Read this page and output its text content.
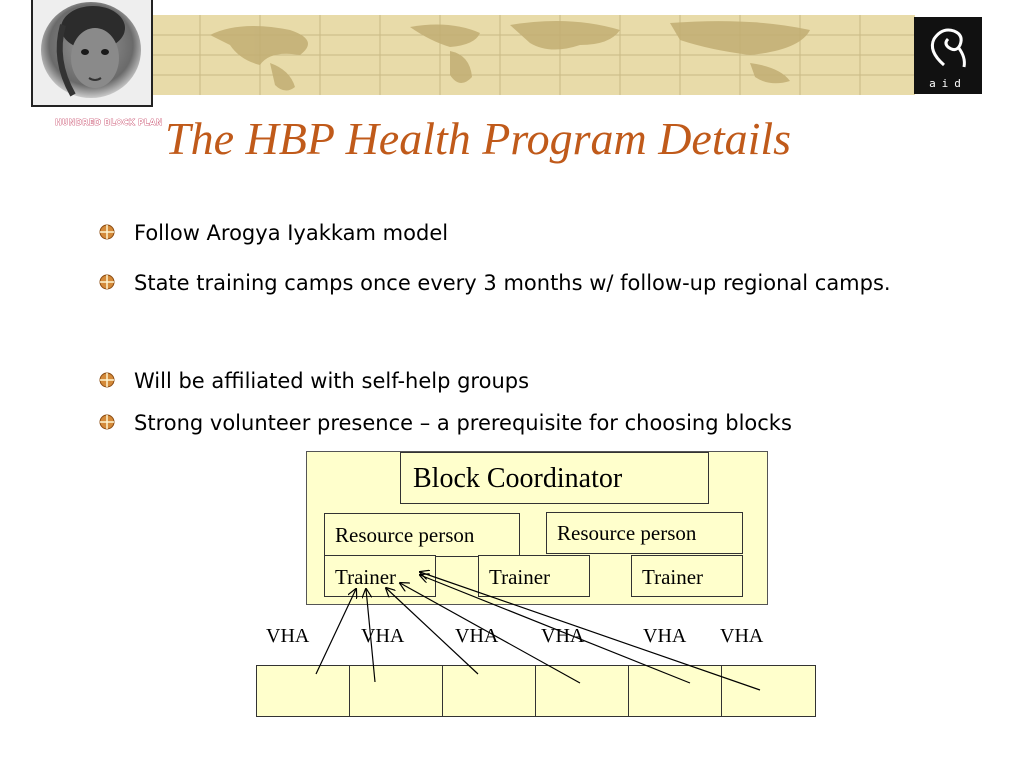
HUNDRED BLOCK PLAN
aid
The HBP Health Program Details
Follow Arogya Iyakkam model
State training camps once every 3 months w/ follow-up regional camps.
Will be affiliated with self-help groups
Strong volunteer presence – a prerequisite for choosing blocks
Block Coordinator
Resource person	Resource person
Trainer	Trainer	Trainer
VHA	VHA	VHA VHA	VHA VHA
